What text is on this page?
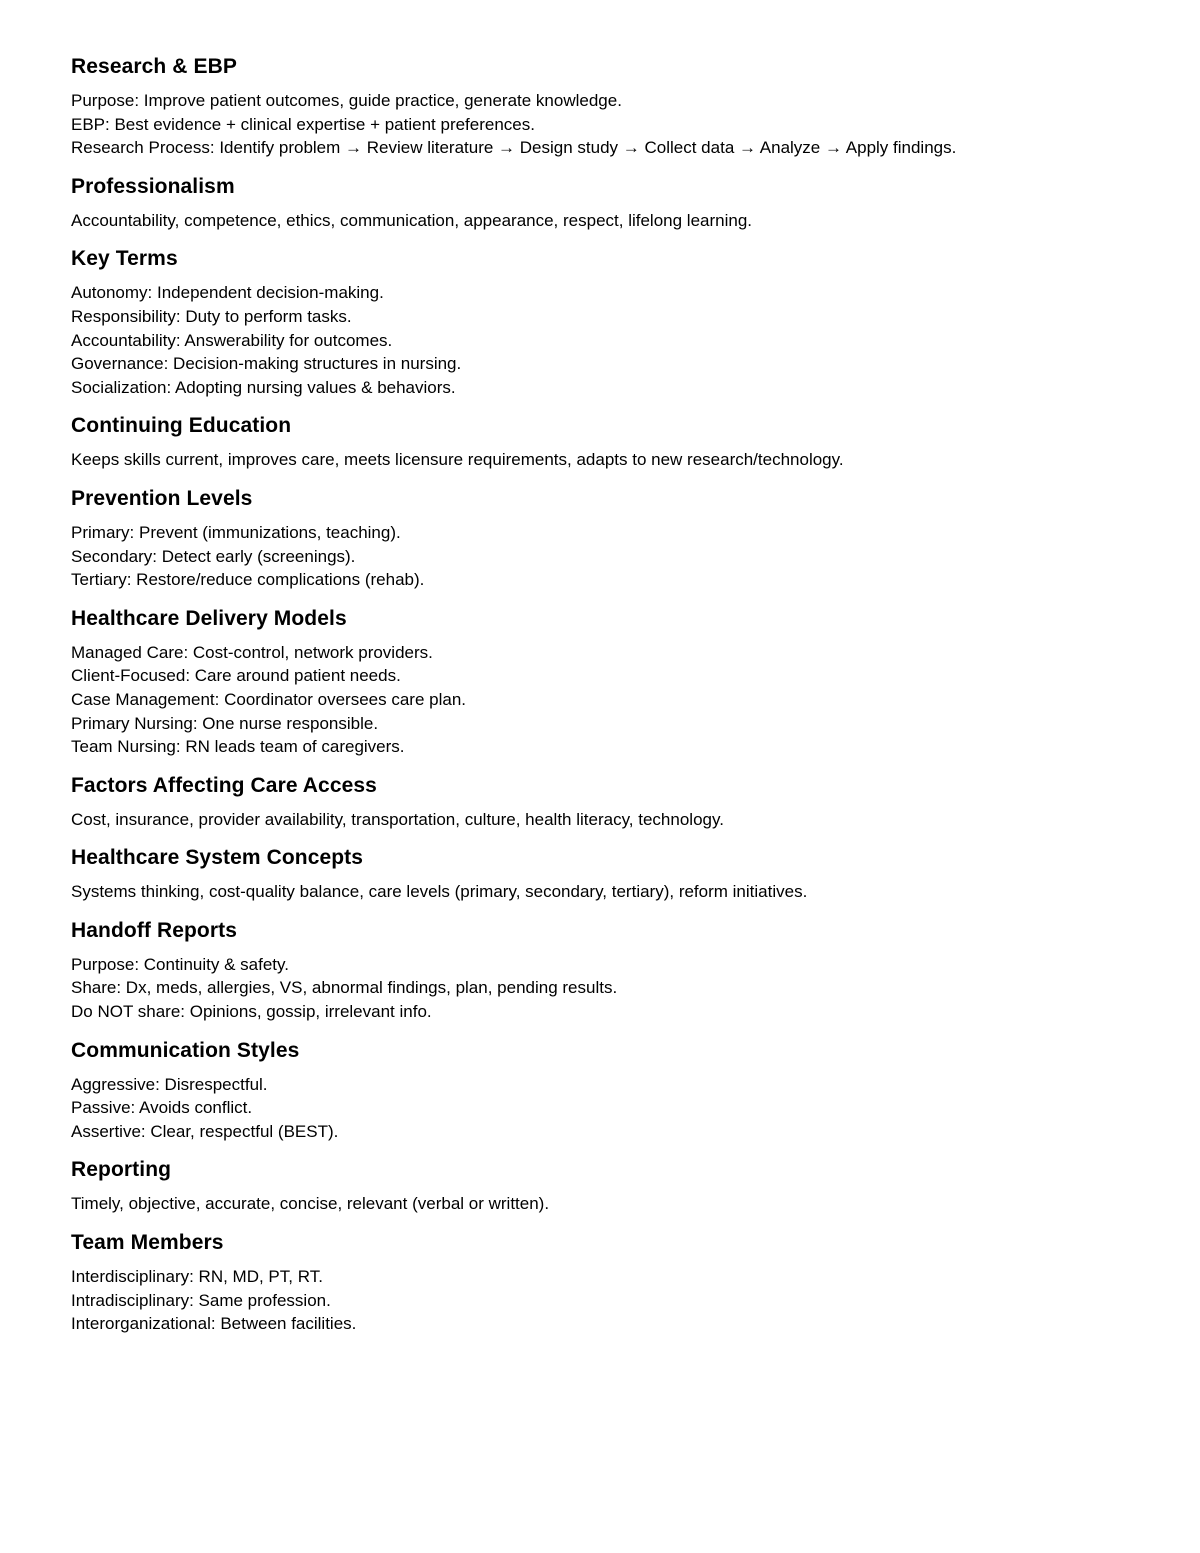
Research & EBP

Purpose: Improve patient outcomes, guide practice, generate knowledge.

EBP: Best evidence + clinical expertise + patient preferences.

Research Process: Identify problem → Review literature → Design study → Collect data → Analyze → Apply findings.

Professionalism

Accountability, competence, ethics, communication, appearance, respect, lifelong learning.

Key Terms

Autonomy: Independent decision-making.

Responsibility: Duty to perform tasks.

Accountability: Answerability for outcomes.

Governance: Decision-making structures in nursing.

Socialization: Adopting nursing values & behaviors.

Continuing Education

Keeps skills current, improves care, meets licensure requirements, adapts to new research/technology.

Prevention Levels

Primary: Prevent (immunizations, teaching).

Secondary: Detect early (screenings).

Tertiary: Restore/reduce complications (rehab).

Healthcare Delivery Models

Managed Care: Cost-control, network providers.

Client-Focused: Care around patient needs.

Case Management: Coordinator oversees care plan.

Primary Nursing: One nurse responsible.

Team Nursing: RN leads team of caregivers.

Factors Affecting Care Access

Cost, insurance, provider availability, transportation, culture, health literacy, technology.

Healthcare System Concepts

Systems thinking, cost-quality balance, care levels (primary, secondary, tertiary), reform initiatives.

Handoff Reports

Purpose: Continuity & safety.

Share: Dx, meds, allergies, VS, abnormal findings, plan, pending results.

Do NOT share: Opinions, gossip, irrelevant info.

Communication Styles

Aggressive: Disrespectful.

Passive: Avoids conflict.

Assertive: Clear, respectful (BEST).

Reporting

Timely, objective, accurate, concise, relevant (verbal or written).

Team Members

Interdisciplinary: RN, MD, PT, RT.

Intradisciplinary: Same profession.

Interorganizational: Between facilities.
